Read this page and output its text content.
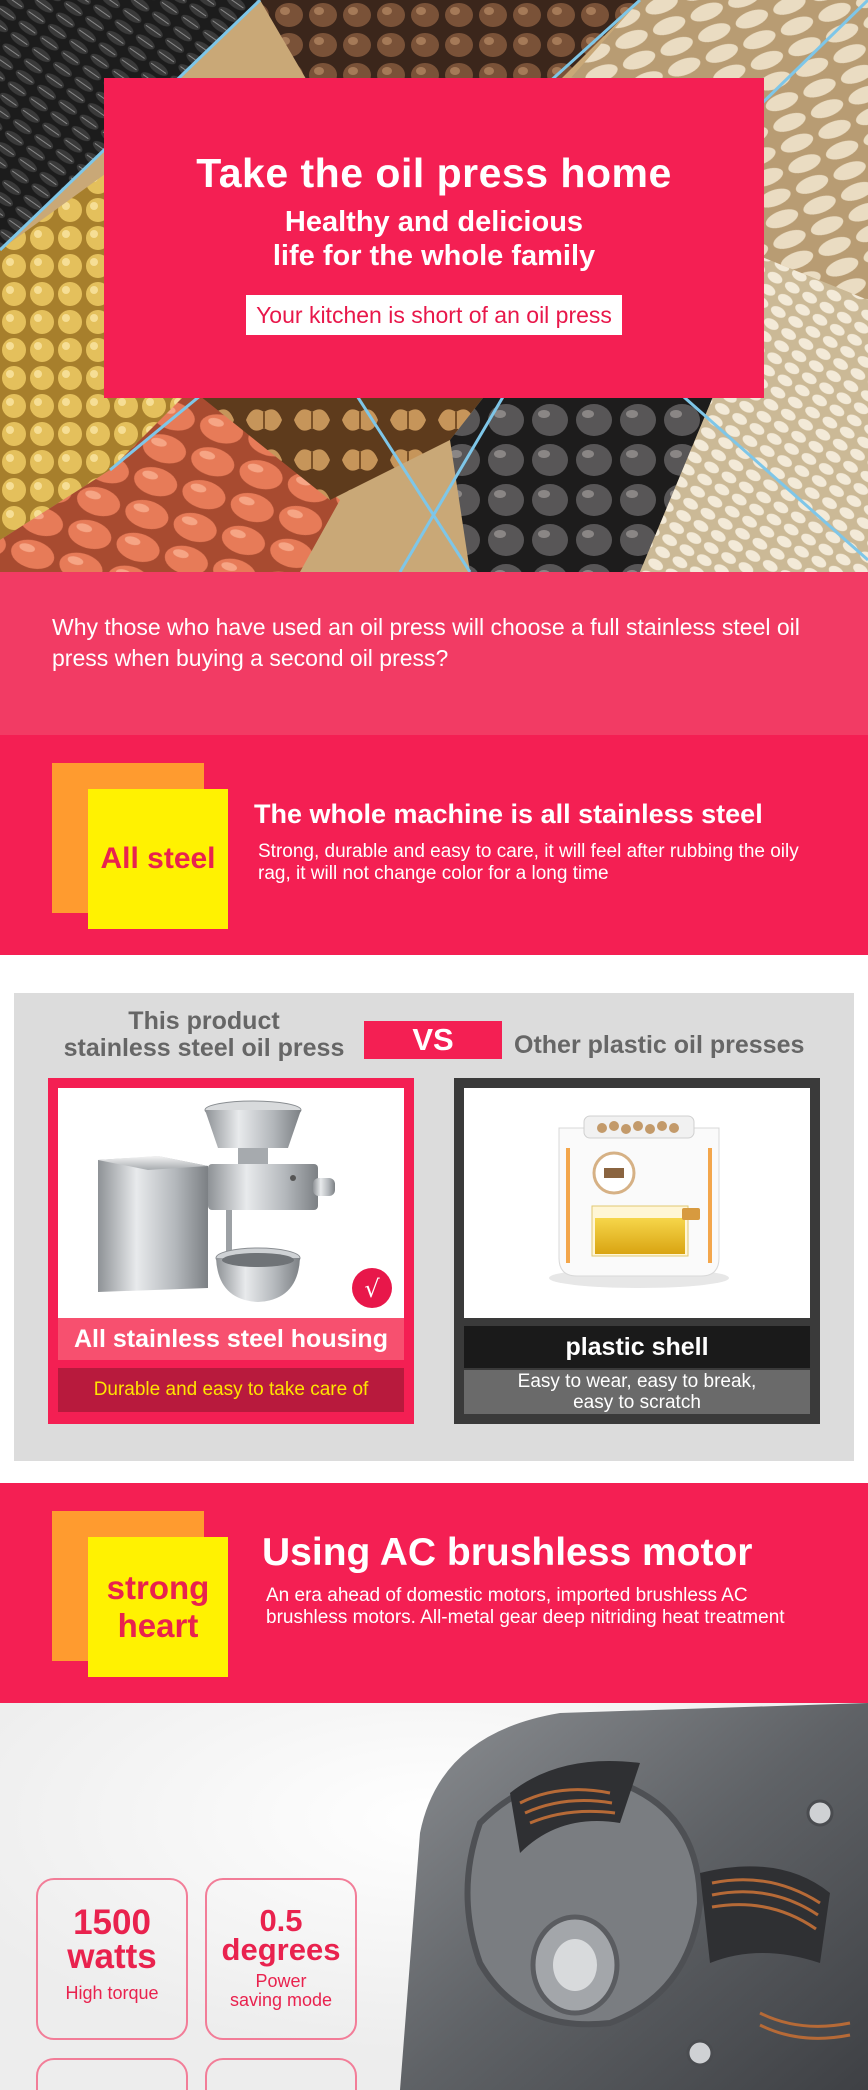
Take the oil press home
Healthy and delicious
life for the whole family
Your kitchen is short of an oil press

Why those who have used an oil press will choose a full stainless steel oil press when buying a second oil press?

All steel
The whole machine is all stainless steel
Strong, durable and easy to care, it will feel after rubbing the oily rag, it will not change color for a long time
This product
stainless steel oil press	VS	Other plastic oil presses
√
All stainless steel housing
Durable and easy to take care of
plastic shell
Easy to wear, easy to break,
easy to scratch
strong
heart
Using AC brushless motor
An era ahead of domestic motors, imported brushless AC brushless motors. All-metal gear deep nitriding heat treatment
1500
watts
High torque
0.5
degrees
Power
saving mode
